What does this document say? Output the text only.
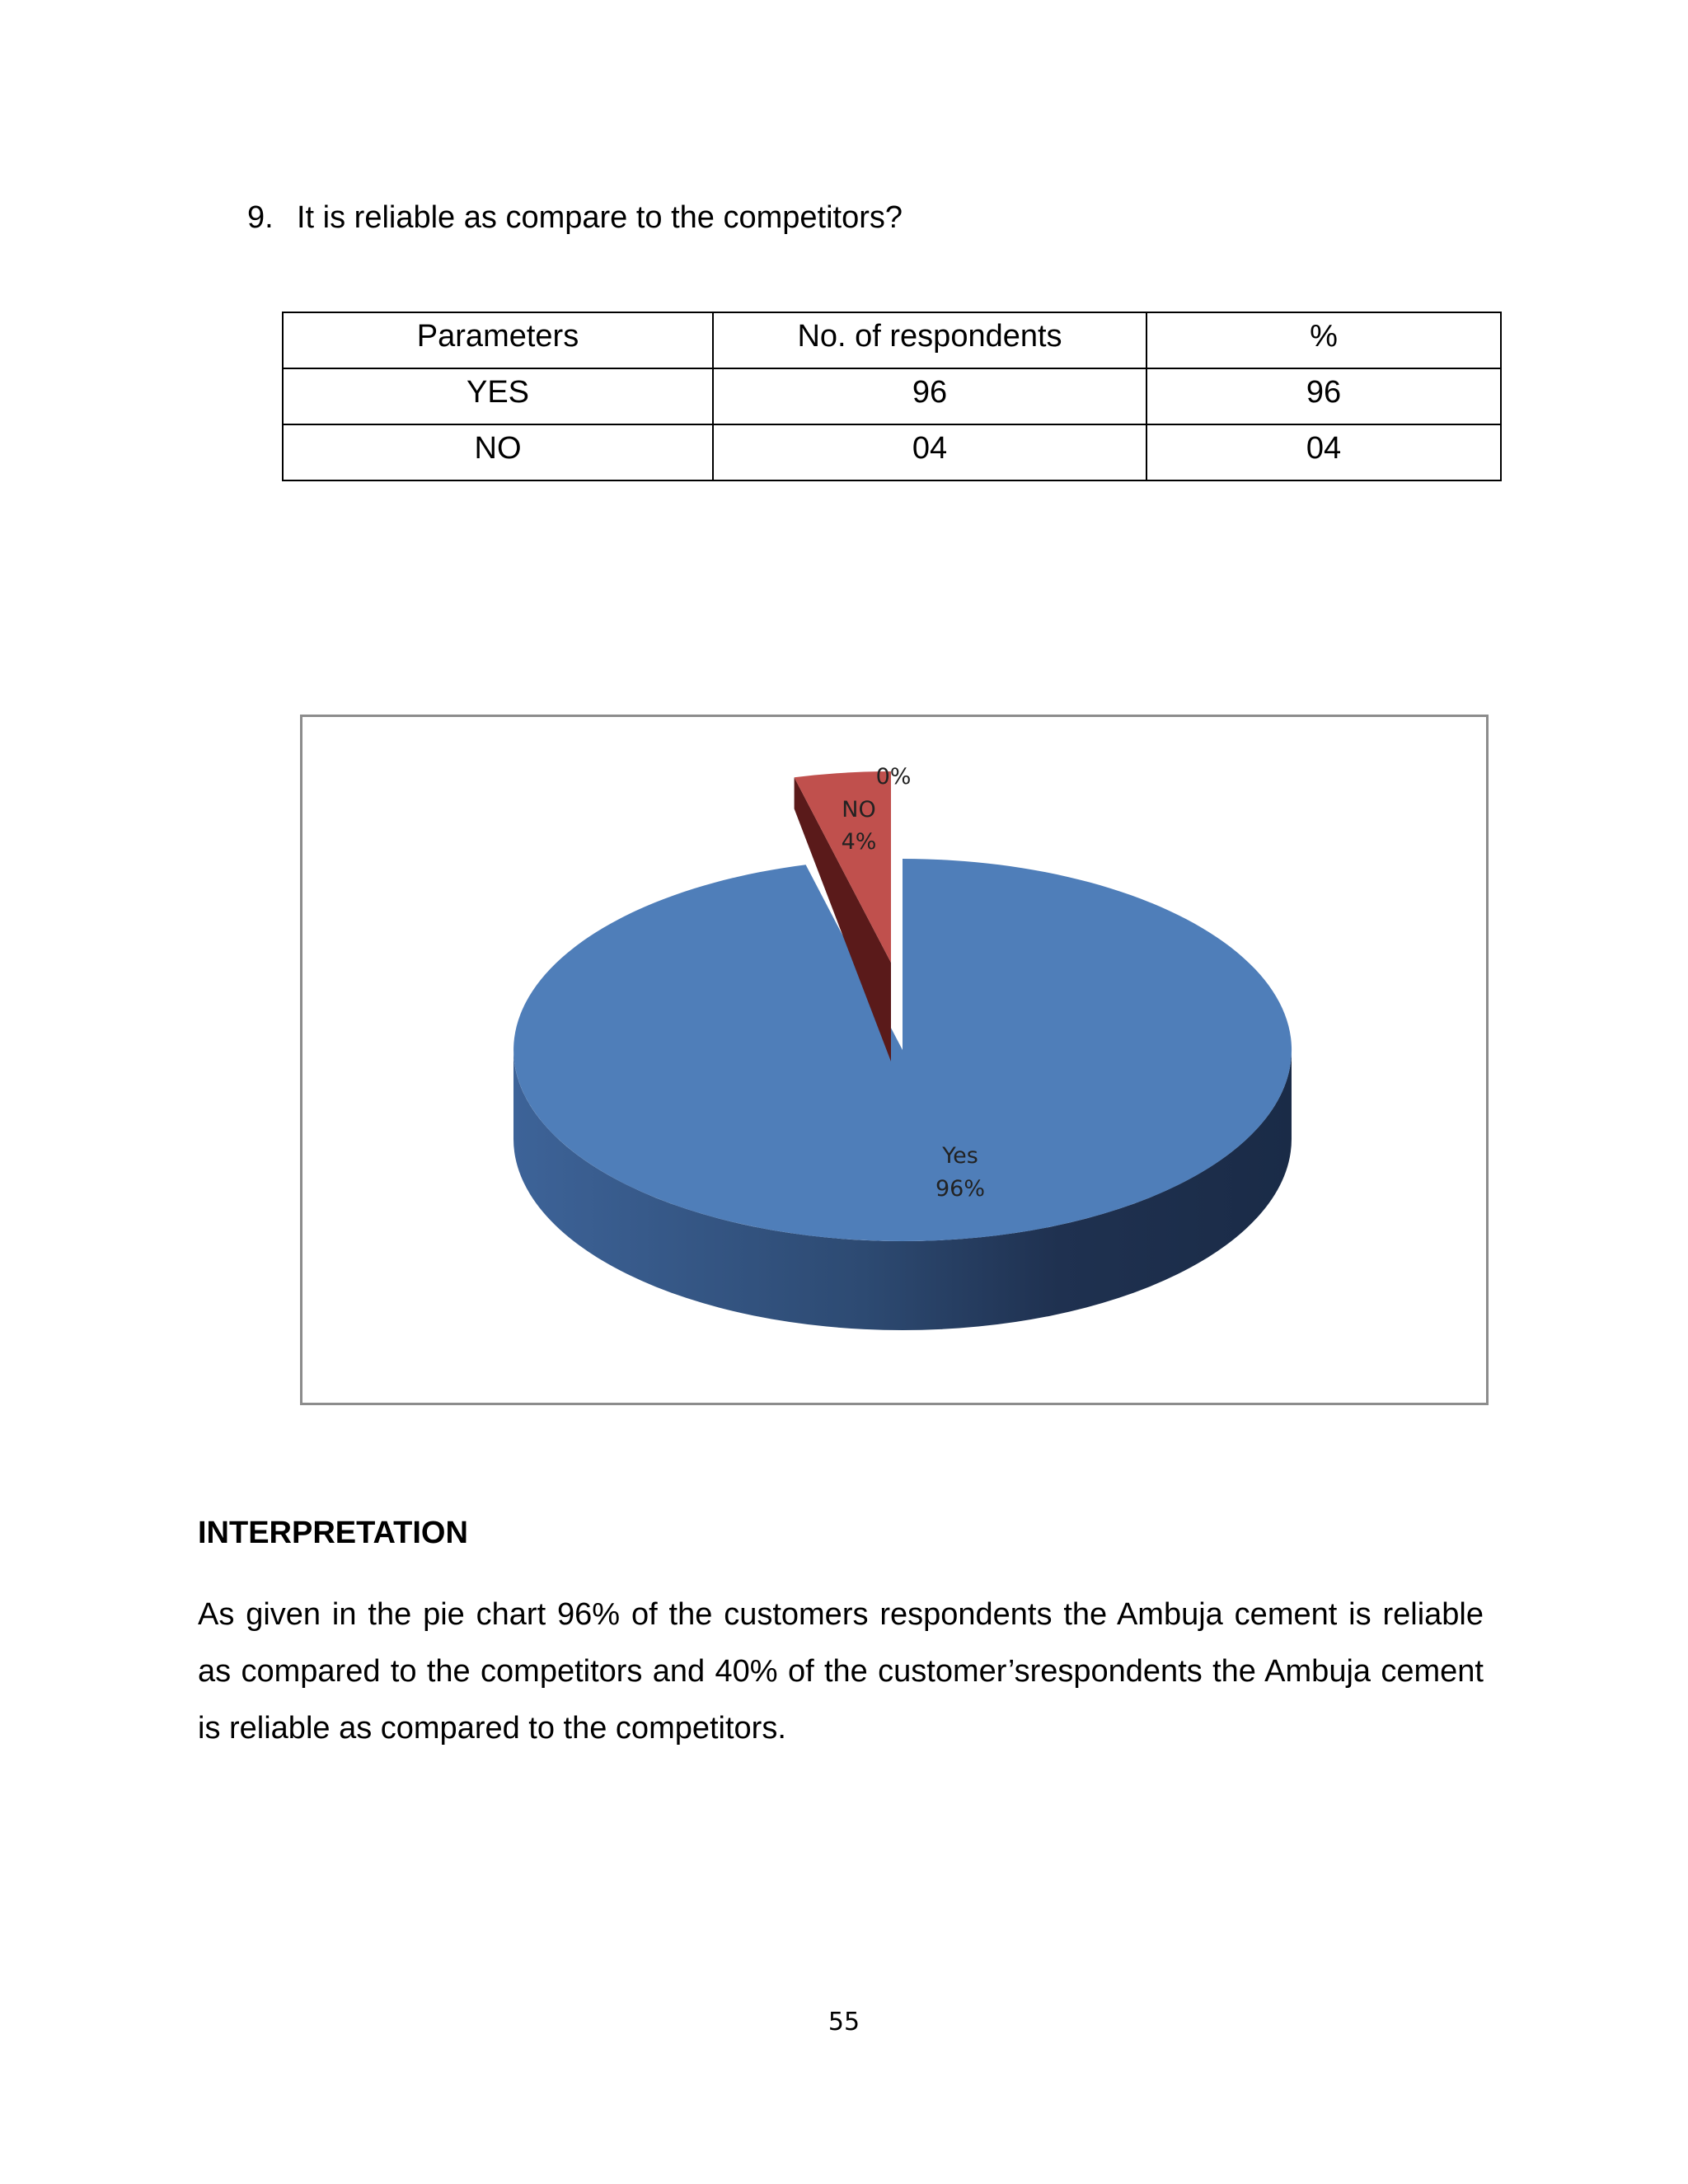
9. It is reliable as compare to the competitors?
Parameters	No. of respondents	%
YES	96	96
NO	04	04
0%
NO
4%
Yes
96%
INTERPRETATION
As given in the pie chart 96% of the customers respondents the Ambuja cement is reliable as compared to the competitors and 40% of the customer’srespondents the Ambuja cement is reliable as compared to the competitors.
55
